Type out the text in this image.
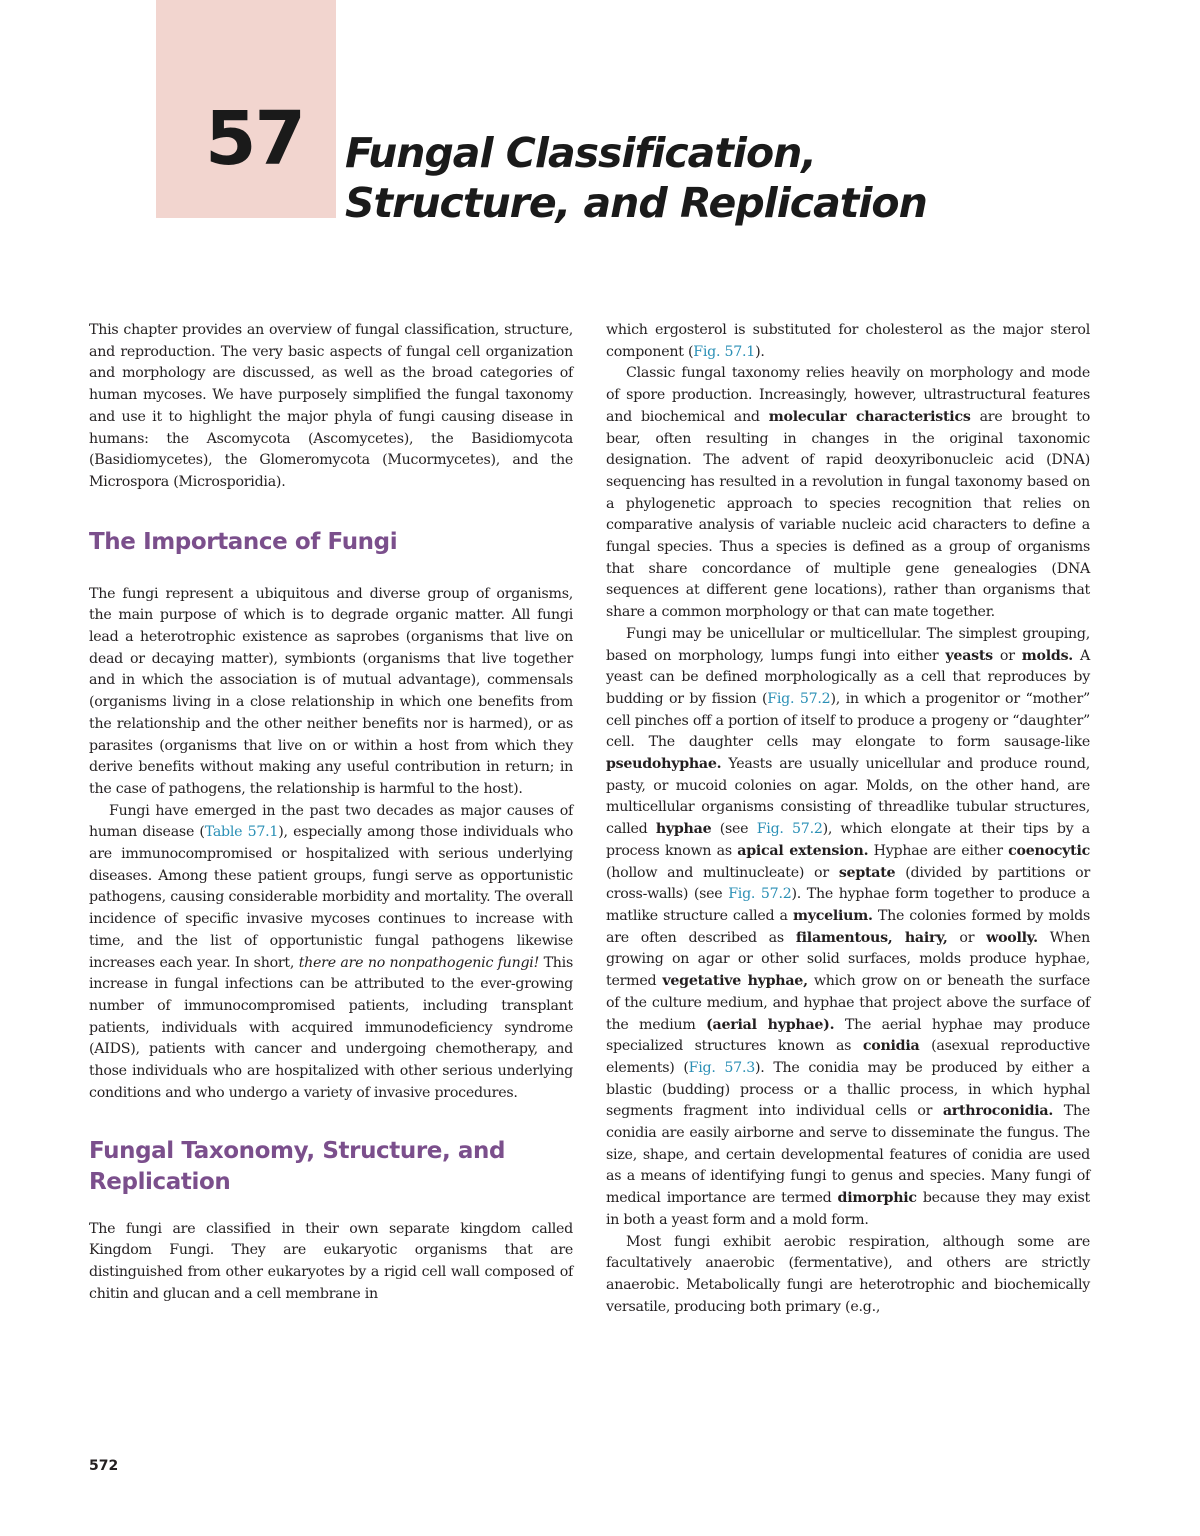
57 Fungal Classification,
Structure, and Replication

This chapter provides an overview of fungal classification, structure, and reproduction. The very basic aspects of fungal cell organization and morphology are discussed, as well as the broad categories of human mycoses. We have purposely simplified the fungal taxonomy and use it to highlight the major phyla of fungi causing disease in humans: the Ascomycota (Ascomycetes), the Basidiomycota (Basidiomycetes), the Glomeromycota (Mucormycetes), and the Microspora (Microsporidia).

The Importance of Fungi

The fungi represent a ubiquitous and diverse group of organisms, the main purpose of which is to degrade organic matter. All fungi lead a heterotrophic existence as saprobes (organisms that live on dead or decaying matter), symbionts (organisms that live together and in which the association is of mutual advantage), commensals (organisms living in a close relationship in which one benefits from the relationship and the other neither benefits nor is harmed), or as parasites (organisms that live on or within a host from which they derive benefits without making any useful contribution in return; in the case of pathogens, the relationship is harmful to the host).

Fungi have emerged in the past two decades as major causes of human disease (Table 57.1), especially among those individuals who are immunocompromised or hospitalized with serious underlying diseases. Among these patient groups, fungi serve as opportunistic pathogens, causing considerable morbidity and mortality. The overall incidence of specific invasive mycoses continues to increase with time, and the list of opportunistic fungal pathogens likewise increases each year. In short, there are no nonpathogenic fungi! This increase in fungal infections can be attributed to the ever-growing number of immunocompromised patients, including transplant patients, individuals with acquired immunodeficiency syndrome (AIDS), patients with cancer and undergoing chemotherapy, and those individuals who are hospitalized with other serious underlying conditions and who undergo a variety of invasive procedures.

Fungal Taxonomy, Structure, and
Replication

The fungi are classified in their own separate kingdom called Kingdom Fungi. They are eukaryotic organisms that are distinguished from other eukaryotes by a rigid cell wall composed of chitin and glucan and a cell membrane in

which ergosterol is substituted for cholesterol as the major sterol component (Fig. 57.1).

Classic fungal taxonomy relies heavily on morphology and mode of spore production. Increasingly, however, ultrastructural features and biochemical and molecular characteristics are brought to bear, often resulting in changes in the original taxonomic designation. The advent of rapid deoxyribonucleic acid (DNA) sequencing has resulted in a revolution in fungal taxonomy based on a phylogenetic approach to species recognition that relies on comparative analysis of variable nucleic acid characters to define a fungal species. Thus a species is defined as a group of organisms that share concordance of multiple gene genealogies (DNA sequences at different gene locations), rather than organisms that share a common morphology or that can mate together.

Fungi may be unicellular or multicellular. The simplest grouping, based on morphology, lumps fungi into either yeasts or molds. A yeast can be defined morphologically as a cell that reproduces by budding or by fission (Fig. 57.2), in which a progenitor or “mother” cell pinches off a portion of itself to produce a progeny or “daughter” cell. The daughter cells may elongate to form sausage-like pseudohyphae. Yeasts are usually unicellular and produce round, pasty, or mucoid colonies on agar. Molds, on the other hand, are multicellular organisms consisting of threadlike tubular structures, called hyphae (see Fig. 57.2), which elongate at their tips by a process known as apical extension. Hyphae are either coenocytic (hollow and multinucleate) or septate (divided by partitions or cross-walls) (see Fig. 57.2). The hyphae form together to produce a matlike structure called a mycelium. The colonies formed by molds are often described as filamentous, hairy, or woolly. When growing on agar or other solid surfaces, molds produce hyphae, termed vegetative hyphae, which grow on or beneath the surface of the culture medium, and hyphae that project above the surface of the medium (aerial hyphae). The aerial hyphae may produce specialized structures known as conidia (asexual reproductive elements) (Fig. 57.3). The conidia may be produced by either a blastic (budding) process or a thallic process, in which hyphal segments fragment into individual cells or arthroconidia. The conidia are easily airborne and serve to disseminate the fungus. The size, shape, and certain developmental features of conidia are used as a means of identifying fungi to genus and species. Many fungi of medical importance are termed dimorphic because they may exist in both a yeast form and a mold form.

Most fungi exhibit aerobic respiration, although some are facultatively anaerobic (fermentative), and others are strictly anaerobic. Metabolically fungi are heterotrophic and biochemically versatile, producing both primary (e.g.,

572
